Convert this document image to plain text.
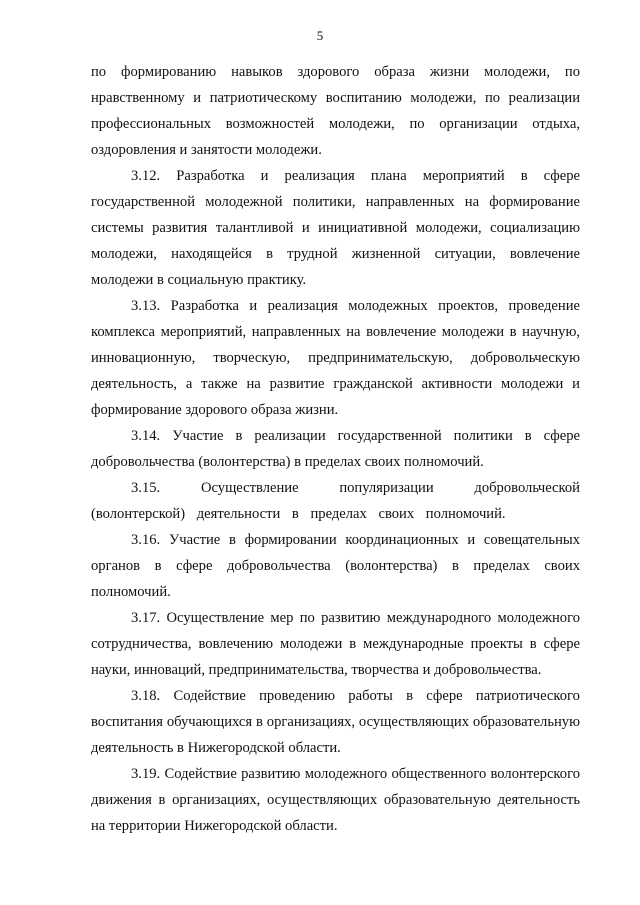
5

по формированию навыков здорового образа жизни молодежи, по нравственному и патриотическому воспитанию молодежи, по реализации профессиональных возможностей молодежи, по организации отдыха, оздоровления и занятости молодежи.

3.12. Разработка и реализация плана мероприятий в сфере государственной молодежной политики, направленных на формирование системы развития талантливой и инициативной молодежи, социализацию молодежи, находящейся в трудной жизненной ситуации, вовлечение молодежи в социальную практику.

3.13. Разработка и реализация молодежных проектов, проведение комплекса мероприятий, направленных на вовлечение молодежи в научную, инновационную, творческую, предпринимательскую, добровольческую деятельность, а также на развитие гражданской активности молодежи и формирование здорового образа жизни.

3.14. Участие в реализации государственной политики в сфере добровольчества (волонтерства) в пределах своих полномочий.

3.15.	Осуществление популяризации добровольческой (волонтерской) деятельности в пределах своих полномочий.

3.16. Участие в формировании координационных и совещательных органов в сфере добровольчества (волонтерства) в пределах своих полномочий.

3.17. Осуществление мер по развитию международного молодежного сотрудничества, вовлечению молодежи в международные проекты в сфере науки, инноваций, предпринимательства, творчества и добровольчества.

3.18. Содействие проведению работы в сфере патриотического воспитания обучающихся в организациях, осуществляющих образовательную деятельность в Нижегородской области.

3.19. Содействие развитию молодежного общественного волонтерского движения в организациях, осуществляющих образовательную деятельность на территории Нижегородской области.
